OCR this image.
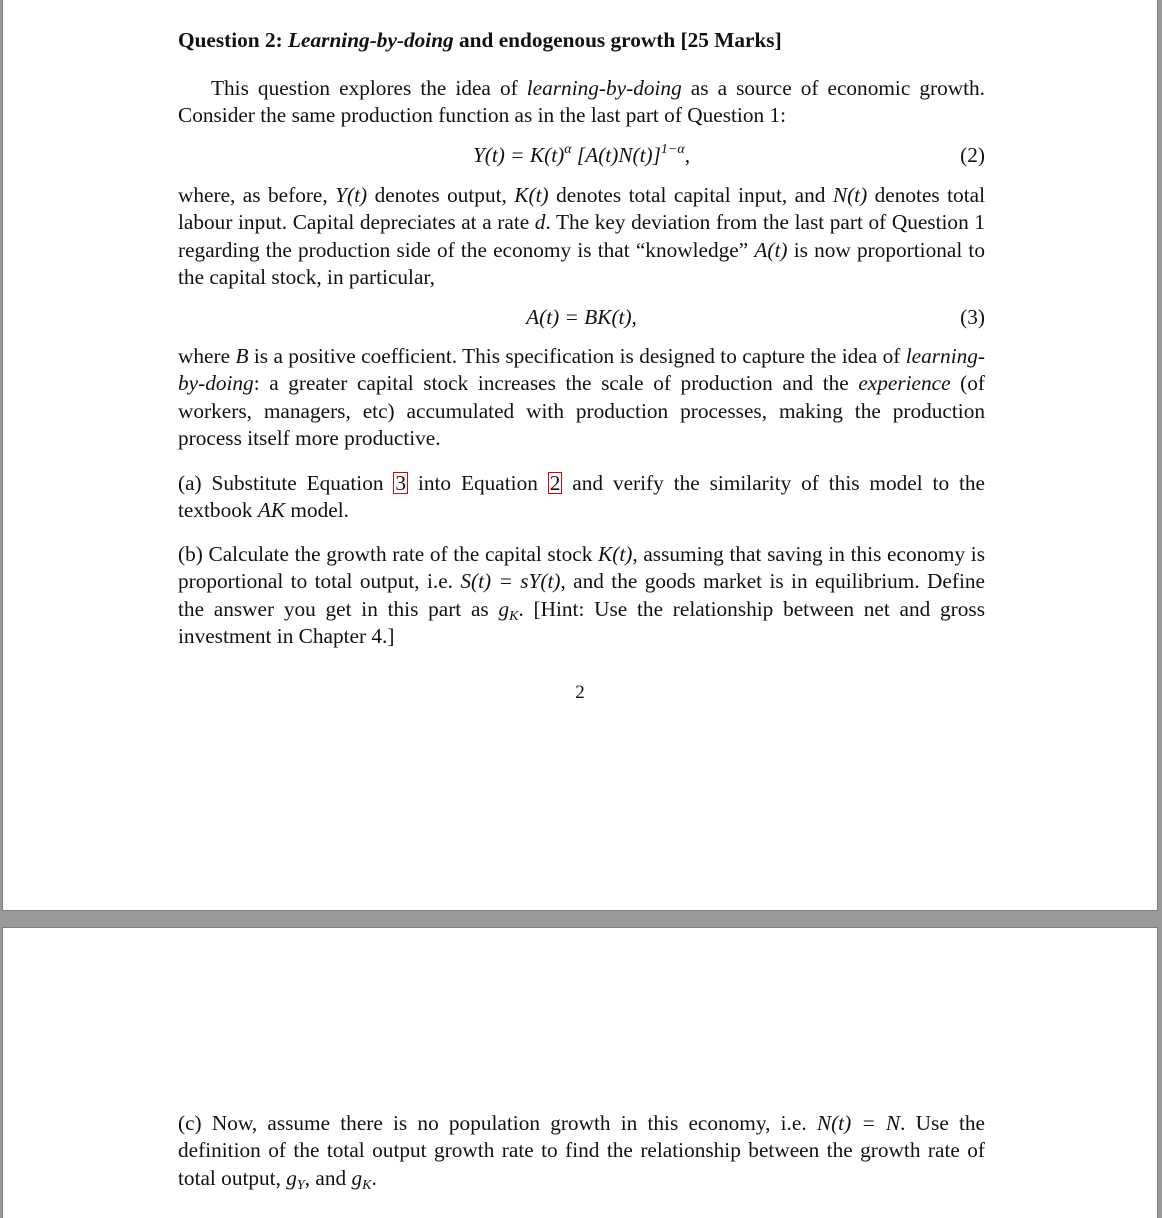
Question 2: Learning-by-doing and endogenous growth [25 Marks]

This question explores the idea of learning-by-doing as a source of economic growth. Consider the same production function as in the last part of Question 1:

$Y(t) = K(t)^\alpha$ $[A(t)N(t)]^{1-\alpha}$,	(2)

where, as before, Y(t) denotes output, K(t) denotes total capital input, and N(t) denotes total labour input. Capital depreciates at a rate d. The key deviation from the last part of Question 1 regarding the production side of the economy is that “knowledge” A(t) is now proportional to the capital stock, in particular,

A(t) = BK(t),	(3)

where B is a positive coefficient. This specification is designed to capture the idea of learning-by-doing: a greater capital stock increases the scale of production and the experience (of workers, managers, etc) accumulated with production processes, making the production process itself more productive.

(a) Substitute Equation 3 into Equation 2 and verify the similarity of this model to the textbook AK model.

(b) Calculate the growth rate of the capital stock K(t), assuming that saving in this economy is proportional to total output, i.e. S(t) = sY(t), and the goods market is in equilibrium. Define the answer you get in this part as $g_K$. [Hint: Use the relationship between net and gross investment in Chapter 4.]

2

(c) Now, assume there is no population growth in this economy, i.e. N(t) = N. Use the definition of the total output growth rate to find the relationship between the growth rate of total output, $g_Y$, and $g_K$.
